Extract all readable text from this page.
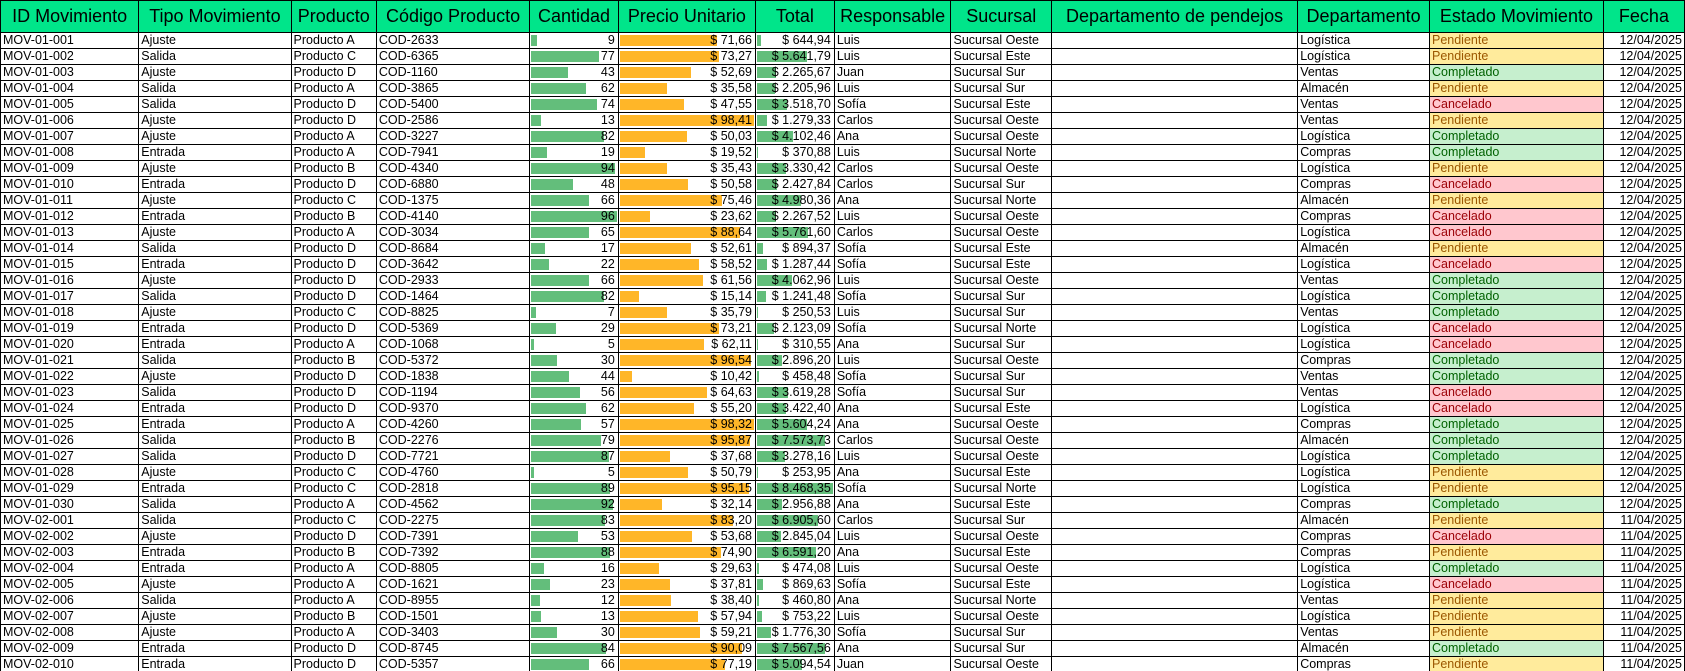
ID Movimiento	Tipo Movimiento	Producto	Código Producto	Cantidad	Precio Unitario	Total	Responsable	Sucursal	Departamento de pendejos	Departamento	Estado Movimiento	Fecha
MOV-01-001	Ajuste	Producto A	COD-2633	9	$ 71,66	$ 644,94	Luis	Sucursal Oeste		Logística	Pendiente	12/04/2025
MOV-01-002	Salida	Producto C	COD-6365	77	$ 73,27	$ 5.641,79	Luis	Sucursal Este		Logística	Pendiente	12/04/2025
MOV-01-003	Ajuste	Producto D	COD-1160	43	$ 52,69	$ 2.265,67	Juan	Sucursal Sur		Ventas	Completado	12/04/2025
MOV-01-004	Salida	Producto A	COD-3865	62	$ 35,58	$ 2.205,96	Luis	Sucursal Sur		Almacén	Pendiente	12/04/2025
MOV-01-005	Salida	Producto D	COD-5400	74	$ 47,55	$ 3.518,70	Sofía	Sucursal Este		Ventas	Cancelado	12/04/2025
MOV-01-006	Ajuste	Producto D	COD-2586	13	$ 98,41	$ 1.279,33	Carlos	Sucursal Oeste		Ventas	Pendiente	12/04/2025
MOV-01-007	Ajuste	Producto A	COD-3227	82	$ 50,03	$ 4.102,46	Ana	Sucursal Oeste		Logística	Completado	12/04/2025
MOV-01-008	Entrada	Producto A	COD-7941	19	$ 19,52	$ 370,88	Luis	Sucursal Norte		Compras	Completado	12/04/2025
MOV-01-009	Ajuste	Producto B	COD-4340	94	$ 35,43	$ 3.330,42	Carlos	Sucursal Oeste		Logística	Pendiente	12/04/2025
MOV-01-010	Entrada	Producto D	COD-6880	48	$ 50,58	$ 2.427,84	Carlos	Sucursal Sur		Compras	Cancelado	12/04/2025
MOV-01-011	Ajuste	Producto C	COD-1375	66	$ 75,46	$ 4.980,36	Ana	Sucursal Norte		Almacén	Pendiente	12/04/2025
MOV-01-012	Entrada	Producto B	COD-4140	96	$ 23,62	$ 2.267,52	Luis	Sucursal Oeste		Compras	Cancelado	12/04/2025
MOV-01-013	Ajuste	Producto A	COD-3034	65	$ 88,64	$ 5.761,60	Carlos	Sucursal Oeste		Logística	Cancelado	12/04/2025
MOV-01-014	Salida	Producto D	COD-8684	17	$ 52,61	$ 894,37	Sofía	Sucursal Este		Almacén	Pendiente	12/04/2025
MOV-01-015	Entrada	Producto D	COD-3642	22	$ 58,52	$ 1.287,44	Sofía	Sucursal Este		Logística	Cancelado	12/04/2025
MOV-01-016	Ajuste	Producto D	COD-2933	66	$ 61,56	$ 4.062,96	Luis	Sucursal Oeste		Ventas	Completado	12/04/2025
MOV-01-017	Salida	Producto D	COD-1464	82	$ 15,14	$ 1.241,48	Sofía	Sucursal Sur		Logística	Completado	12/04/2025
MOV-01-018	Ajuste	Producto C	COD-8825	7	$ 35,79	$ 250,53	Luis	Sucursal Sur		Ventas	Completado	12/04/2025
MOV-01-019	Entrada	Producto D	COD-5369	29	$ 73,21	$ 2.123,09	Sofía	Sucursal Norte		Logística	Cancelado	12/04/2025
MOV-01-020	Entrada	Producto A	COD-1068	5	$ 62,11	$ 310,55	Ana	Sucursal Sur		Logística	Cancelado	12/04/2025
MOV-01-021	Salida	Producto B	COD-5372	30	$ 96,54	$ 2.896,20	Luis	Sucursal Oeste		Compras	Completado	12/04/2025
MOV-01-022	Ajuste	Producto D	COD-1838	44	$ 10,42	$ 458,48	Sofía	Sucursal Sur		Ventas	Completado	12/04/2025
MOV-01-023	Salida	Producto D	COD-1194	56	$ 64,63	$ 3.619,28	Sofía	Sucursal Sur		Ventas	Cancelado	12/04/2025
MOV-01-024	Entrada	Producto D	COD-9370	62	$ 55,20	$ 3.422,40	Ana	Sucursal Este		Logística	Cancelado	12/04/2025
MOV-01-025	Entrada	Producto A	COD-4260	57	$ 98,32	$ 5.604,24	Ana	Sucursal Oeste		Compras	Completado	12/04/2025
MOV-01-026	Salida	Producto B	COD-2276	79	$ 95,87	$ 7.573,73	Carlos	Sucursal Oeste		Almacén	Completado	12/04/2025
MOV-01-027	Salida	Producto D	COD-7721	87	$ 37,68	$ 3.278,16	Luis	Sucursal Oeste		Logística	Completado	12/04/2025
MOV-01-028	Ajuste	Producto C	COD-4760	5	$ 50,79	$ 253,95	Ana	Sucursal Este		Logística	Pendiente	12/04/2025
MOV-01-029	Entrada	Producto C	COD-2818	89	$ 95,15	$ 8.468,35	Sofía	Sucursal Norte		Logística	Pendiente	12/04/2025
MOV-01-030	Salida	Producto A	COD-4562	92	$ 32,14	$ 2.956,88	Ana	Sucursal Este		Compras	Completado	12/04/2025
MOV-02-001	Salida	Producto C	COD-2275	83	$ 83,20	$ 6.905,60	Carlos	Sucursal Sur		Almacén	Pendiente	11/04/2025
MOV-02-002	Ajuste	Producto D	COD-7391	53	$ 53,68	$ 2.845,04	Luis	Sucursal Oeste		Compras	Cancelado	11/04/2025
MOV-02-003	Entrada	Producto B	COD-7392	88	$ 74,90	$ 6.591,20	Ana	Sucursal Este		Compras	Pendiente	11/04/2025
MOV-02-004	Entrada	Producto A	COD-8805	16	$ 29,63	$ 474,08	Luis	Sucursal Oeste		Logística	Completado	11/04/2025
MOV-02-005	Ajuste	Producto A	COD-1621	23	$ 37,81	$ 869,63	Sofía	Sucursal Este		Logística	Cancelado	11/04/2025
MOV-02-006	Salida	Producto A	COD-8955	12	$ 38,40	$ 460,80	Ana	Sucursal Norte		Ventas	Pendiente	11/04/2025
MOV-02-007	Ajuste	Producto B	COD-1501	13	$ 57,94	$ 753,22	Luis	Sucursal Oeste		Logística	Pendiente	11/04/2025
MOV-02-008	Ajuste	Producto A	COD-3403	30	$ 59,21	$ 1.776,30	Sofía	Sucursal Sur		Ventas	Pendiente	11/04/2025
MOV-02-009	Entrada	Producto D	COD-8745	84	$ 90,09	$ 7.567,56	Ana	Sucursal Sur		Almacén	Completado	11/04/2025
MOV-02-010	Entrada	Producto D	COD-5357	66	$ 77,19	$ 5.094,54	Juan	Sucursal Oeste		Compras	Pendiente	11/04/2025
